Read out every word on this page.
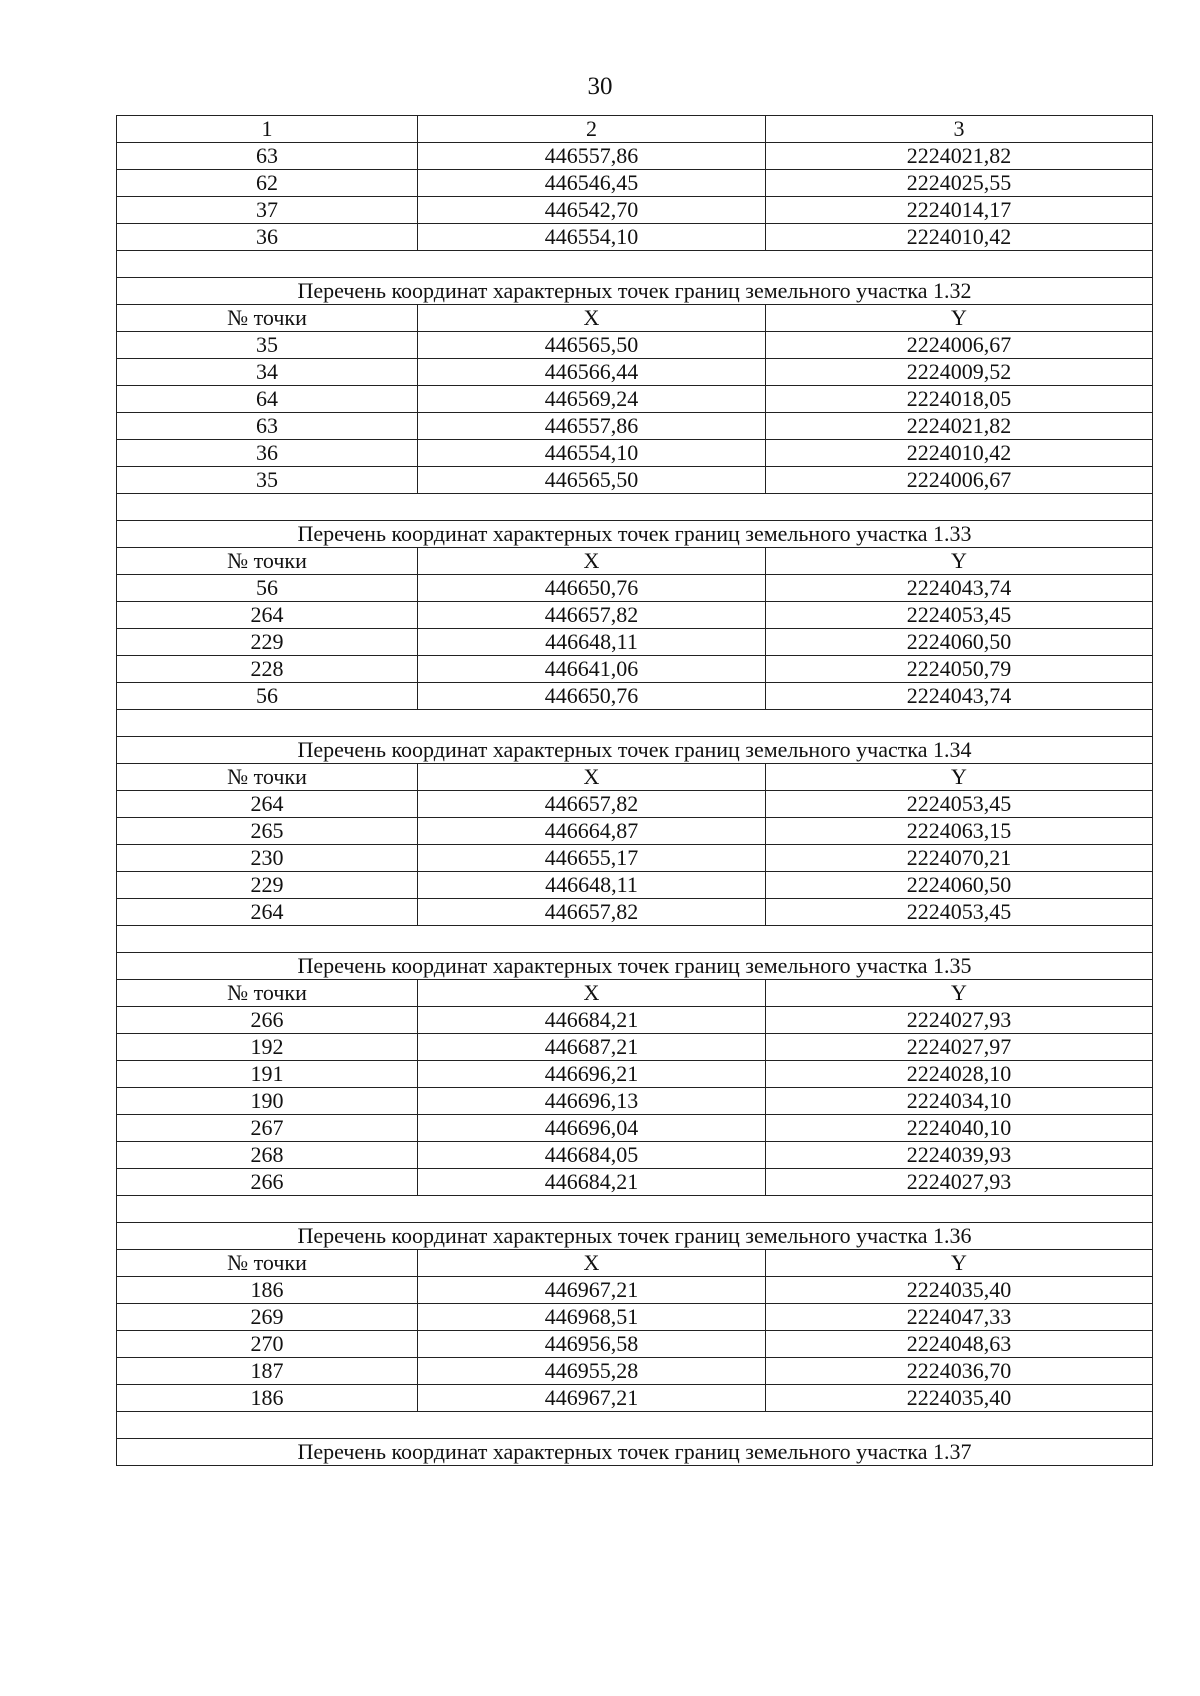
30
1	2	3
63	446557,86	2224021,82
62	446546,45	2224025,55
37	446542,70	2224014,17
36	446554,10	2224010,42

Перечень координат характерных точек границ земельного участка 1.32		
№ точки	X	Y
35	446565,50	2224006,67
34	446566,44	2224009,52
64	446569,24	2224018,05
63	446557,86	2224021,82
36	446554,10	2224010,42
35	446565,50	2224006,67

Перечень координат характерных точек границ земельного участка 1.33		
№ точки	X	Y
56	446650,76	2224043,74
264	446657,82	2224053,45
229	446648,11	2224060,50
228	446641,06	2224050,79
56	446650,76	2224043,74

Перечень координат характерных точек границ земельного участка 1.34		
№ точки	X	Y
264	446657,82	2224053,45
265	446664,87	2224063,15
230	446655,17	2224070,21
229	446648,11	2224060,50
264	446657,82	2224053,45

Перечень координат характерных точек границ земельного участка 1.35		
№ точки	X	Y
266	446684,21	2224027,93
192	446687,21	2224027,97
191	446696,21	2224028,10
190	446696,13	2224034,10
267	446696,04	2224040,10
268	446684,05	2224039,93
266	446684,21	2224027,93

Перечень координат характерных точек границ земельного участка 1.36		
№ точки	X	Y
186	446967,21	2224035,40
269	446968,51	2224047,33
270	446956,58	2224048,63
187	446955,28	2224036,70
186	446967,21	2224035,40

Перечень координат характерных точек границ земельного участка 1.37		
